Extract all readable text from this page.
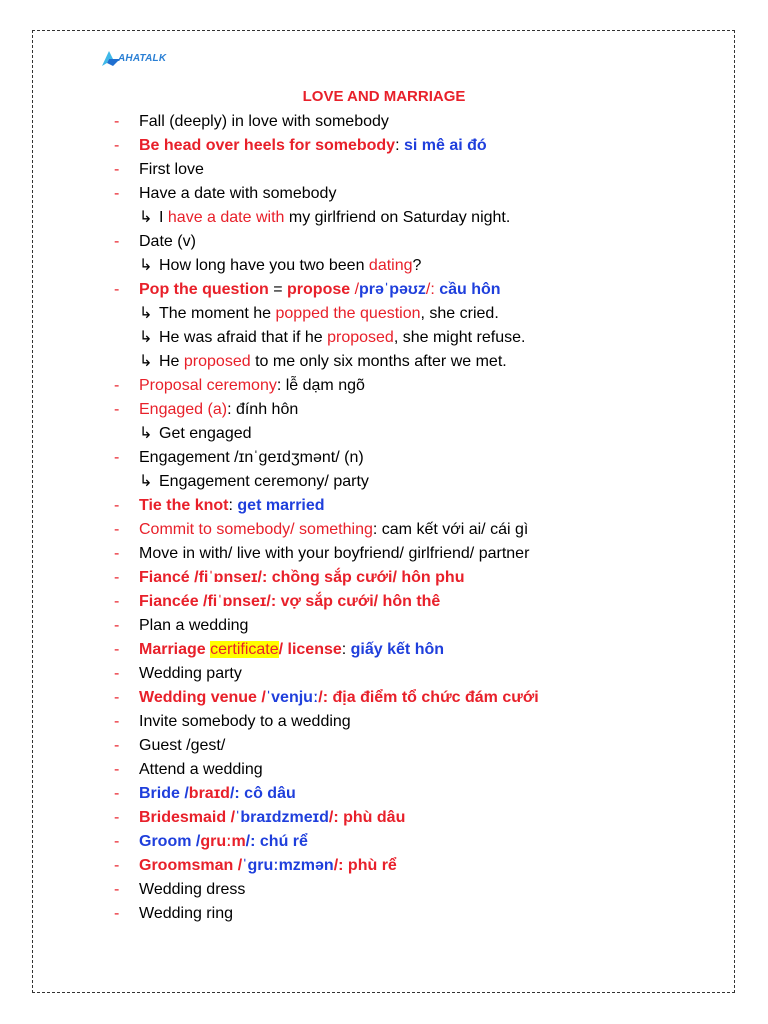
AHATALK
LOVE AND MARRIAGE
- Fall (deeply) in love with somebody
- Be head over heels for somebody: si mê ai đó
- First love
- Have a date with somebody
↳ I have a date with my girlfriend on Saturday night.
- Date (v)
↳ How long have you two been dating?
- Pop the question = propose /prəˈpəʊz/: cầu hôn
↳ The moment he popped the question, she cried.
↳ He was afraid that if he proposed, she might refuse.
↳ He proposed to me only six months after we met.
- Proposal ceremony: lễ dạm ngõ
- Engaged (a): đính hôn
↳ Get engaged
- Engagement /ɪnˈɡeɪdʒmənt/ (n)
↳ Engagement ceremony/ party
- Tie the knot: get married
- Commit to somebody/ something: cam kết với ai/ cái gì
- Move in with/ live with your boyfriend/ girlfriend/ partner
- Fiancé /fiˈɒnseɪ/: chồng sắp cưới/ hôn phu
- Fiancée /fiˈɒnseɪ/: vợ sắp cưới/ hôn thê
- Plan a wedding
- Marriage certificate/ license: giấy kết hôn
- Wedding party
- Wedding venue /ˈvenjuː/: địa điểm tổ chức đám cưới
- Invite somebody to a wedding
- Guest /gest/
- Attend a wedding
- Bride /braɪd/: cô dâu
- Bridesmaid /ˈbraɪdzmeɪd/: phù dâu
- Groom /ɡruːm/: chú rể
- Groomsman /ˈɡruːmzmən/: phù rể
- Wedding dress
- Wedding ring
